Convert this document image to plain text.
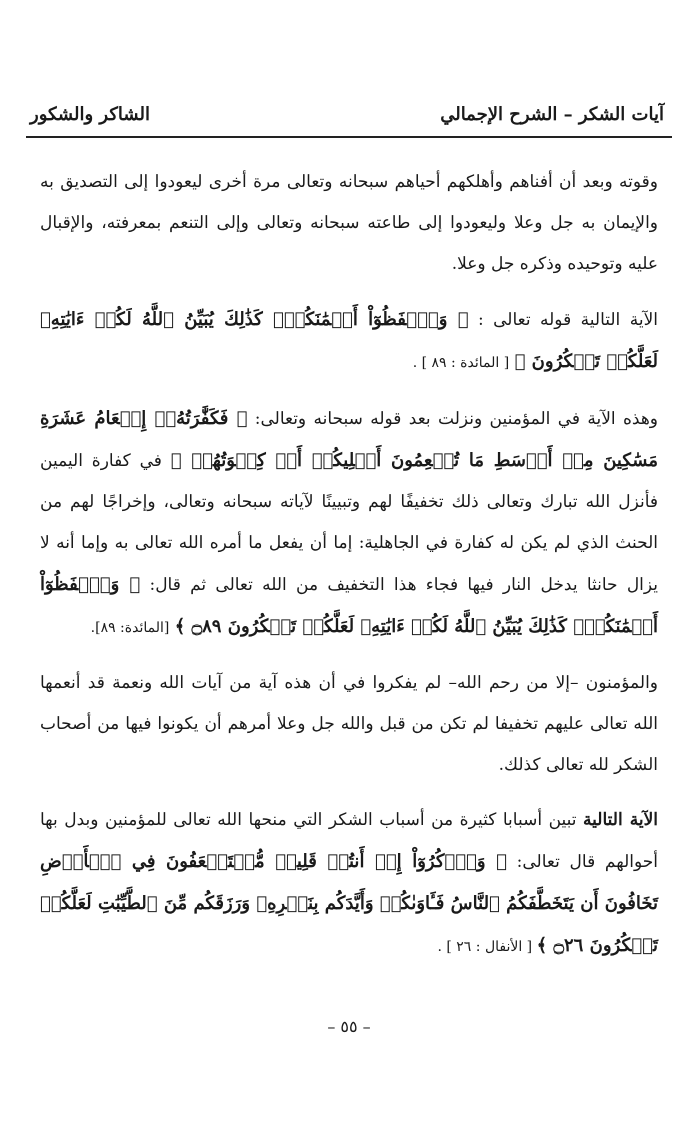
آيات الشكر – الشرح الإجمالي
الشاكر والشكور

وقوته وبعد أن أفناهم وأهلكهم أحياهم سبحانه وتعالى مرة أخرى ليعودوا إلى التصديق به والإيمان به جل وعلا وليعودوا إلى طاعته سبحانه وتعالى وإلى التنعم بمعرفته، والإقبال عليه وتوحيده وذكره جل وعلا.

الآية التالية قوله تعالى : ﴿ وَٱحۡفَظُوٓاْ أَيۡمَٰنَكُمۡۚ كَذَٰلِكَ يُبَيِّنُ ٱللَّهُ لَكُمۡ ءَايَٰتِهِۦ لَعَلَّكُمۡ تَشۡكُرُونَ ﴾ [ المائدة : ٨٩ ] .

وهذه الآية في المؤمنين ونزلت بعد قوله سبحانه وتعالى: ﴿ فَكَفَّٰرَتُهُۥٓ إِطۡعَامُ عَشَرَةِ مَسَٰكِينَ مِنۡ أَوۡسَطِ مَا تُطۡعِمُونَ أَهۡلِيكُمۡ أَوۡ كِسۡوَتُهُمۡ ﴾ في كفارة اليمين فأنزل الله تبارك وتعالى ذلك تخفيفًا لهم وتبيينًا لآياته سبحانه وتعالى، وإخراجًا لهم من الحنث الذي لم يكن له كفارة في الجاهلية: إما أن يفعل ما أمره الله تعالى به وإما أنه لا يزال حانثا يدخل النار فيها فجاء هذا التخفيف من الله تعالى ثم قال: ﴿ وَٱحۡفَظُوٓاْ أَيۡمَٰنَكُمۡۚ كَذَٰلِكَ يُبَيِّنُ ٱللَّهُ لَكُمۡ ءَايَٰتِهِۦ لَعَلَّكُمۡ تَشۡكُرُونَ ۝٨٩ ﴾ [المائدة: ٨٩].

والمؤمنون –إلا من رحم الله– لم يفكروا في أن هذه آية من آيات الله ونعمة قد أنعمها الله تعالى عليهم تخفيفا لم تكن من قبل والله جل وعلا أمرهم أن يكونوا فيها من أصحاب الشكر لله تعالى كذلك.

الآية التالية تبين أسبابا كثيرة من أسباب الشكر التي منحها الله تعالى للمؤمنين وبدل بها أحوالهم قال تعالى: ﴿ وَٱذۡكُرُوٓاْ إِذۡ أَنتُمۡ قَلِيلٞ مُّسۡتَضۡعَفُونَ فِي ٱلۡأَرۡضِ تَخَافُونَ أَن يَتَخَطَّفَكُمُ ٱلنَّاسُ فَـَٔاوَىٰكُمۡ وَأَيَّدَكُم بِنَصۡرِهِۦ وَرَزَقَكُم مِّنَ ٱلطَّيِّبَٰتِ لَعَلَّكُمۡ تَشۡكُرُونَ ۝٢٦ ﴾ [ الأنفال : ٢٦ ] .

– ٥٥ –
